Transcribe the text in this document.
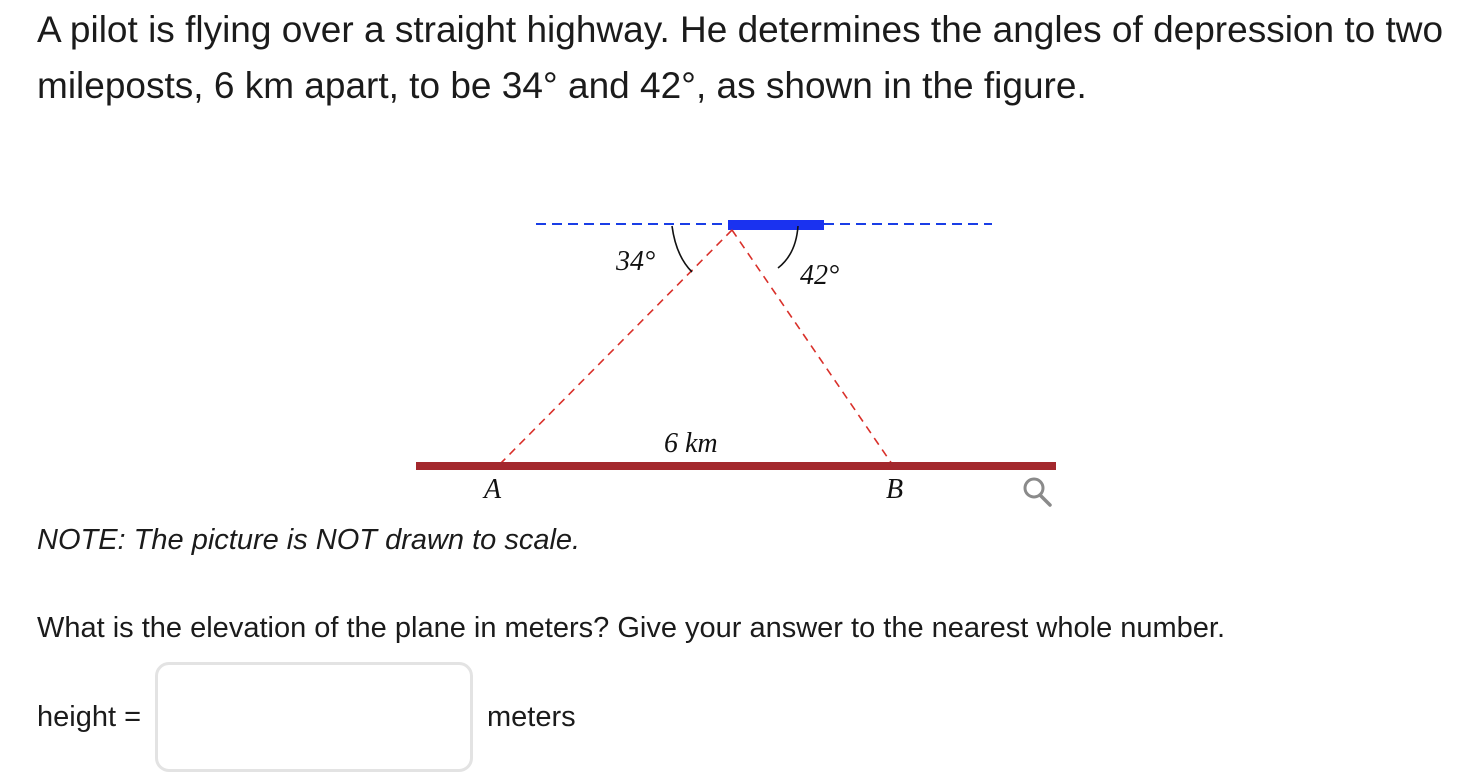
A pilot is flying over a straight highway. He determines the angles of depression to two mileposts, 6 km apart, to be 34° and 42°, as shown in the figure.

34°	42°
6 km
A	B

NOTE: The picture is NOT drawn to scale.

What is the elevation of the plane in meters? Give your answer to the nearest whole number.

height =	meters
